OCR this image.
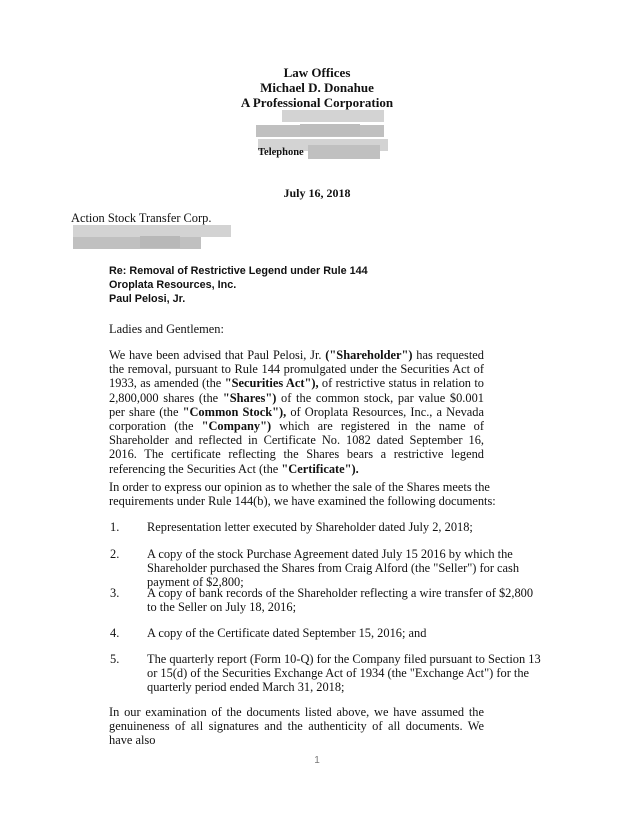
Law Offices
Michael D. Donahue
A Professional Corporation
Telephone
July 16, 2018
Action Stock Transfer Corp.
Re: Removal of Restrictive Legend under Rule 144
Oroplata Resources, Inc.
Paul Pelosi, Jr.
Ladies and Gentlemen:
We have been advised that Paul Pelosi, Jr. ("Shareholder") has requested the removal, pursuant to Rule 144 promulgated under the Securities Act of 1933, as amended (the "Securities Act"), of restrictive status in relation to 2,800,000 shares (the "Shares") of the common stock, par value $0.001 per share (the "Common Stock"), of Oroplata Resources, Inc., a Nevada corporation (the "Company") which are registered in the name of Shareholder and reflected in Certificate No. 1082 dated September 16, 2016. The certificate reflecting the Shares bears a restrictive legend referencing the Securities Act (the "Certificate").
In order to express our opinion as to whether the sale of the Shares meets the requirements under Rule 144(b), we have examined the following documents:
1. Representation letter executed by Shareholder dated July 2, 2018;
2. A copy of the stock Purchase Agreement dated July 15 2016 by which the Shareholder purchased the Shares from Craig Alford (the "Seller") for cash payment of $2,800;
3. A copy of bank records of the Shareholder reflecting a wire transfer of $2,800 to the Seller on July 18, 2016;
4. A copy of the Certificate dated September 15, 2016; and
5. The quarterly report (Form 10-Q) for the Company filed pursuant to Section 13 or 15(d) of the Securities Exchange Act of 1934 (the "Exchange Act") for the quarterly period ended March 31, 2018;
In our examination of the documents listed above, we have assumed the genuineness of all signatures and the authenticity of all documents. We have also
1
